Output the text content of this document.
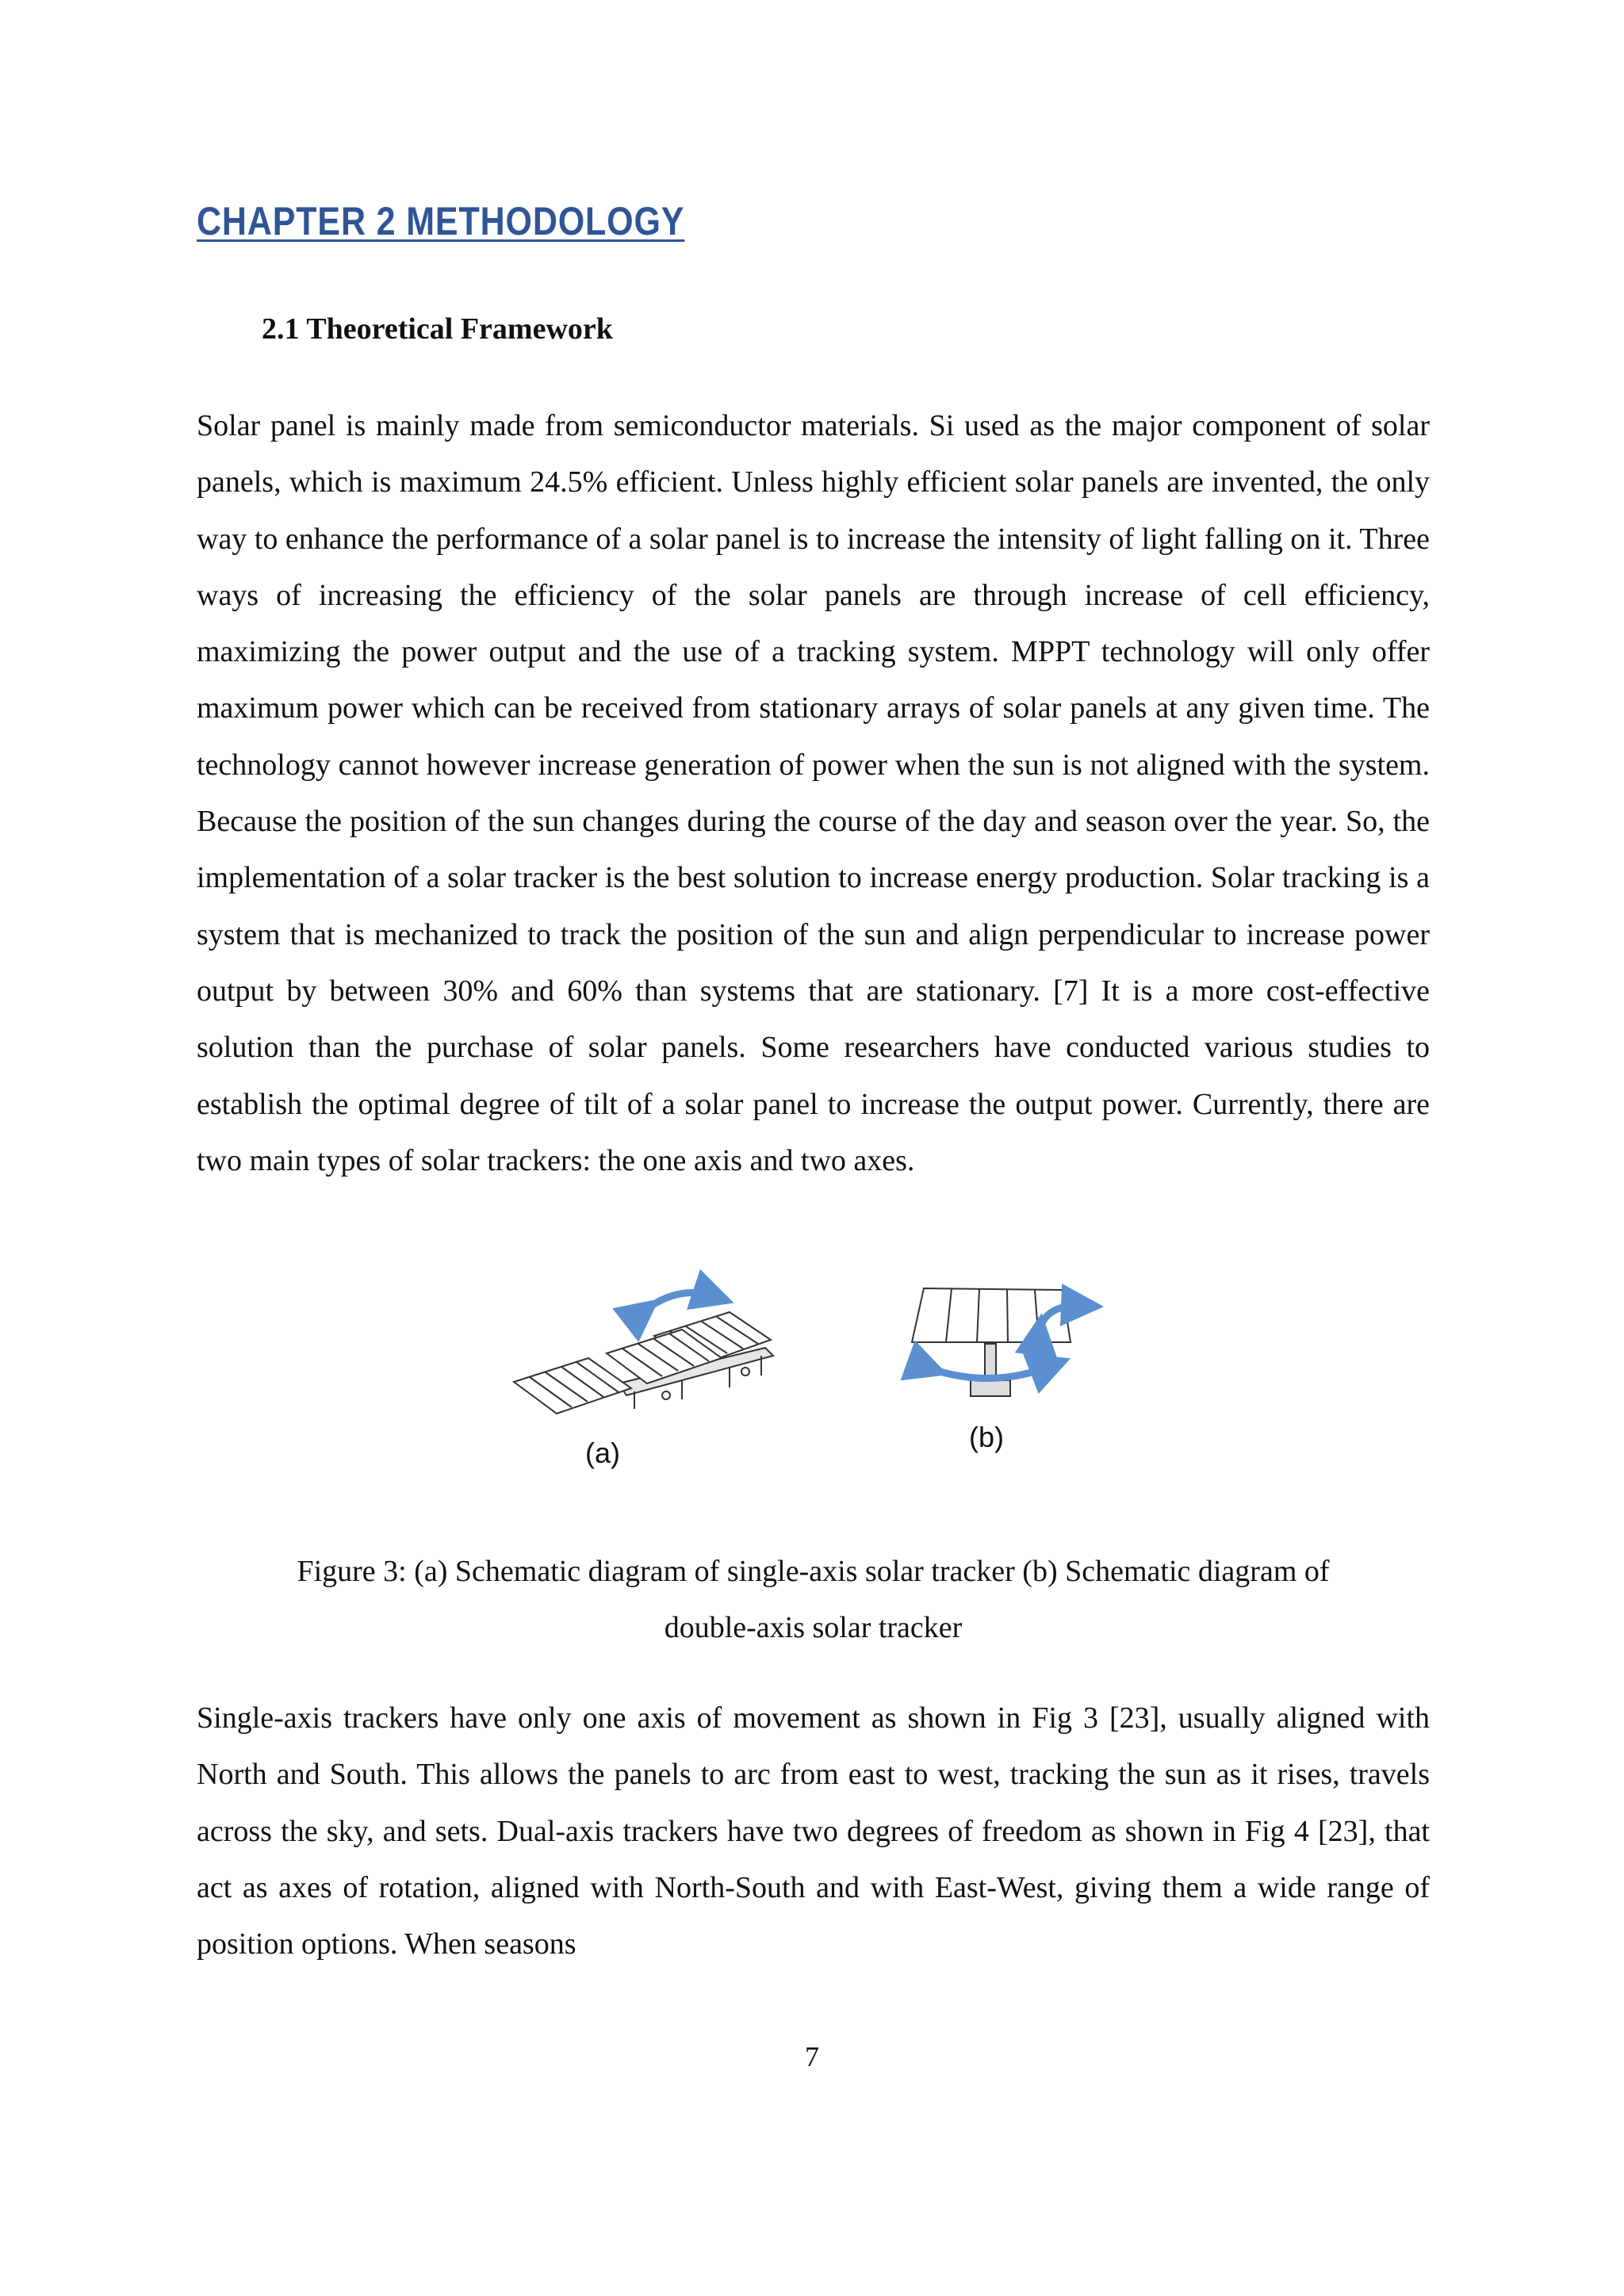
CHAPTER 2 METHODOLOGY
2.1 Theoretical Framework

Solar panel is mainly made from semiconductor materials. Si used as the major component of solar panels, which is maximum 24.5% efficient. Unless highly efficient solar panels are invented, the only way to enhance the performance of a solar panel is to increase the intensity of light falling on it. Three ways of increasing the efficiency of the solar panels are through increase of cell efficiency, maximizing the power output and the use of a tracking system. MPPT technology will only offer maximum power which can be received from stationary arrays of solar panels at any given time. The technology cannot however increase generation of power when the sun is not aligned with the system. Because the position of the sun changes during the course of the day and season over the year. So, the implementation of a solar tracker is the best solution to increase energy production. Solar tracking is a system that is mechanized to track the position of the sun and align perpendicular to increase power output by between 30% and 60% than systems that are stationary. [7] It is a more cost-effective solution than the purchase of solar panels. Some researchers have conducted various studies to establish the optimal degree of tilt of a solar panel to increase the output power. Currently, there are two main types of solar trackers: the one axis and two axes.

(a)	(b)

Figure 3: (a) Schematic diagram of single-axis solar tracker (b) Schematic diagram of
double-axis solar tracker

Single-axis trackers have only one axis of movement as shown in Fig 3 [23], usually aligned with North and South. This allows the panels to arc from east to west, tracking the sun as it rises, travels across the sky, and sets. Dual-axis trackers have two degrees of freedom as shown in Fig 4 [23], that act as axes of rotation, aligned with North-South and with East-West, giving them a wide range of position options. When seasons

7
